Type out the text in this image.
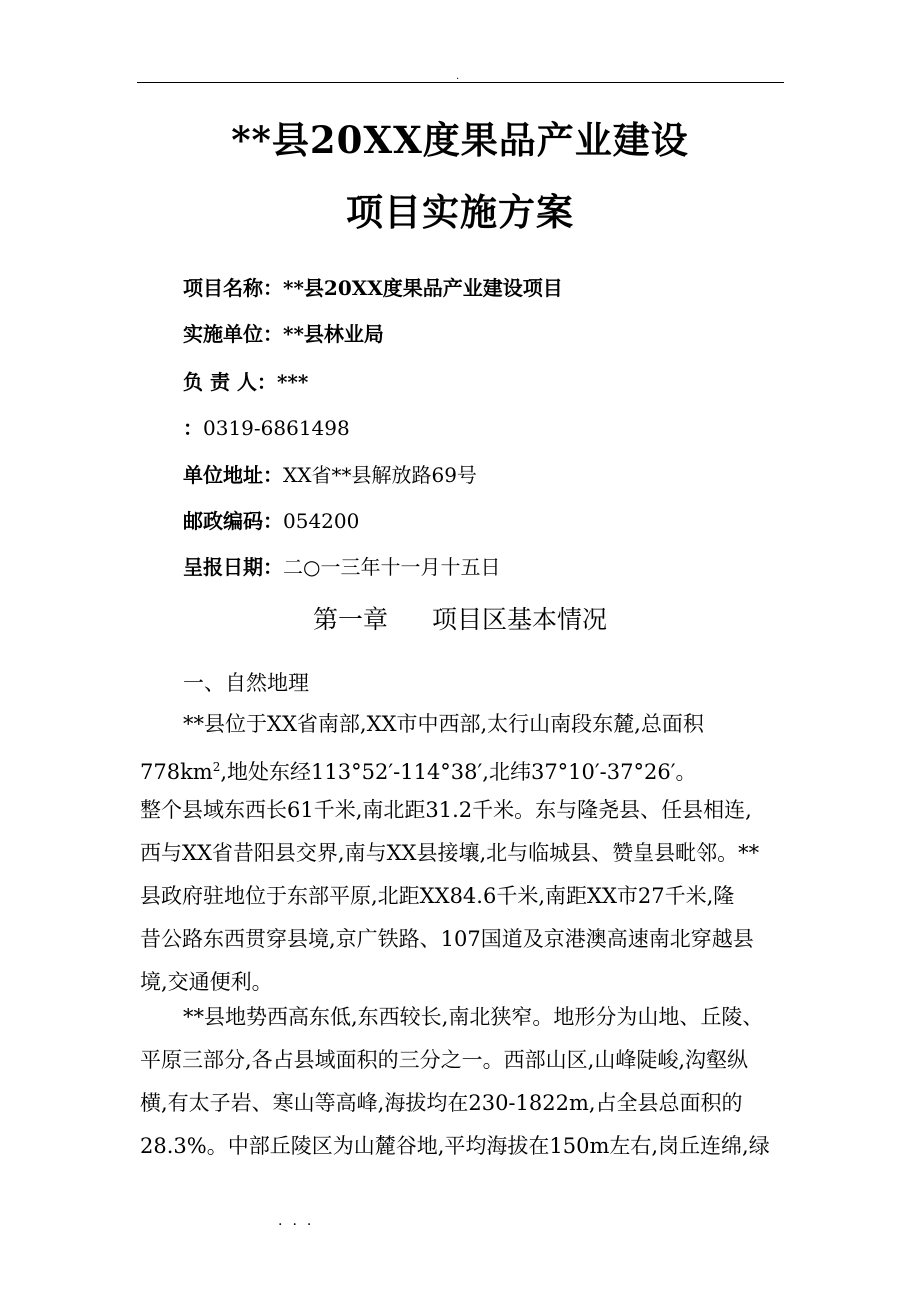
.
**县20XX度果品产业建设
项目实施方案
项目名称：**县20XX度果品产业建设项目
实施单位：**县林业局
负 责 人：***
：0319-6861498
单位地址：XX省**县解放路69号
邮政编码：054200
呈报日期：二○一三年十一月十五日
第一章 项目区基本情况
一、自然地理
**县位于XX省南部,XX市中西部,太行山南段东麓,总面积
$778km^2$,地处东经113°52′-114°38′,北纬37°10′-37°26′。
整个县域东西长61千米,南北距31.2千米。东与隆尧县、任县相连,
西与XX省昔阳县交界,南与XX县接壤,北与临城县、赞皇县毗邻。**
县政府驻地位于东部平原,北距XX84.6千米,南距XX市27千米,隆
昔公路东西贯穿县境,京广铁路、107国道及京港澳高速南北穿越县
境,交通便利。
**县地势西高东低,东西较长,南北狭窄。地形分为山地、丘陵、
平原三部分,各占县域面积的三分之一。西部山区,山峰陡峻,沟壑纵
横,有太子岩、寒山等高峰,海拔均在230-1822m,占全县总面积的
28.3%。中部丘陵区为山麓谷地,平均海拔在150m左右,岗丘连绵,绿
...
